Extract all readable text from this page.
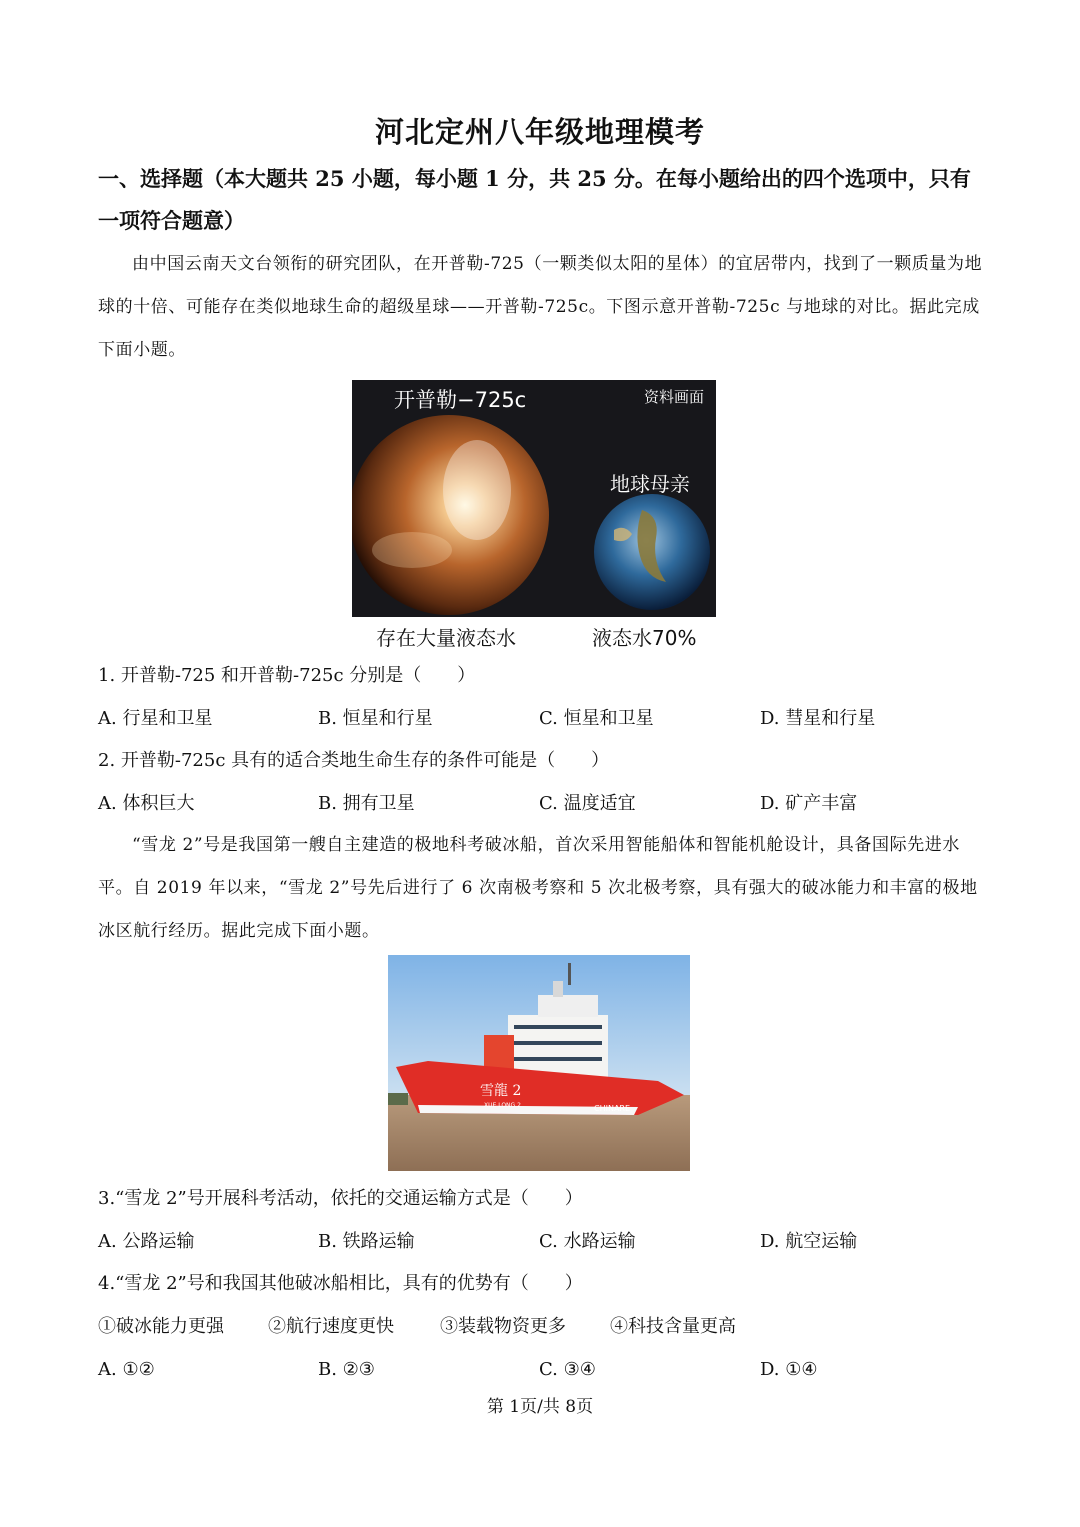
河北定州八年级地理模考
一、选择题（本大题共 25 小题，每小题 1 分，共 25 分。在每小题给出的四个选项中，只有一项符合题意）
由中国云南天文台领衔的研究团队，在开普勒-725（一颗类似太阳的星体）的宜居带内，找到了一颗质量为地球的十倍、可能存在类似地球生命的超级星球——开普勒-725c。下图示意开普勒-725c 与地球的对比。据此完成下面小题。
开普勒−725c	资料画面
地球母亲
存在大量液态水	液态水70%
1. 开普勒-725 和开普勒-725c 分别是（　　）
A. 行星和卫星	B. 恒星和行星	C. 恒星和卫星	D. 彗星和行星
2. 开普勒-725c 具有的适合类地生命生存的条件可能是（　　）
A. 体积巨大	B. 拥有卫星	C. 温度适宜	D. 矿产丰富
“雪龙 2”号是我国第一艘自主建造的极地科考破冰船，首次采用智能船体和智能机舱设计，具备国际先进水平。自 2019 年以来，“雪龙 2”号先后进行了 6 次南极考察和 5 次北极考察，具有强大的破冰能力和丰富的极地冰区航行经历。据此完成下面小题。
雪龍 2
XUE LONG 2	CHINARE
3.“雪龙 2”号开展科考活动，依托的交通运输方式是（　　）
A. 公路运输	B. 铁路运输	C. 水路运输	D. 航空运输
4.“雪龙 2”号和我国其他破冰船相比，具有的优势有（　　）
①破冰能力更强 ②航行速度更快	③装载物资更多 ④科技含量更高
A. ①②	B. ②③	C. ③④	D. ①④
第 1页/共 8页
